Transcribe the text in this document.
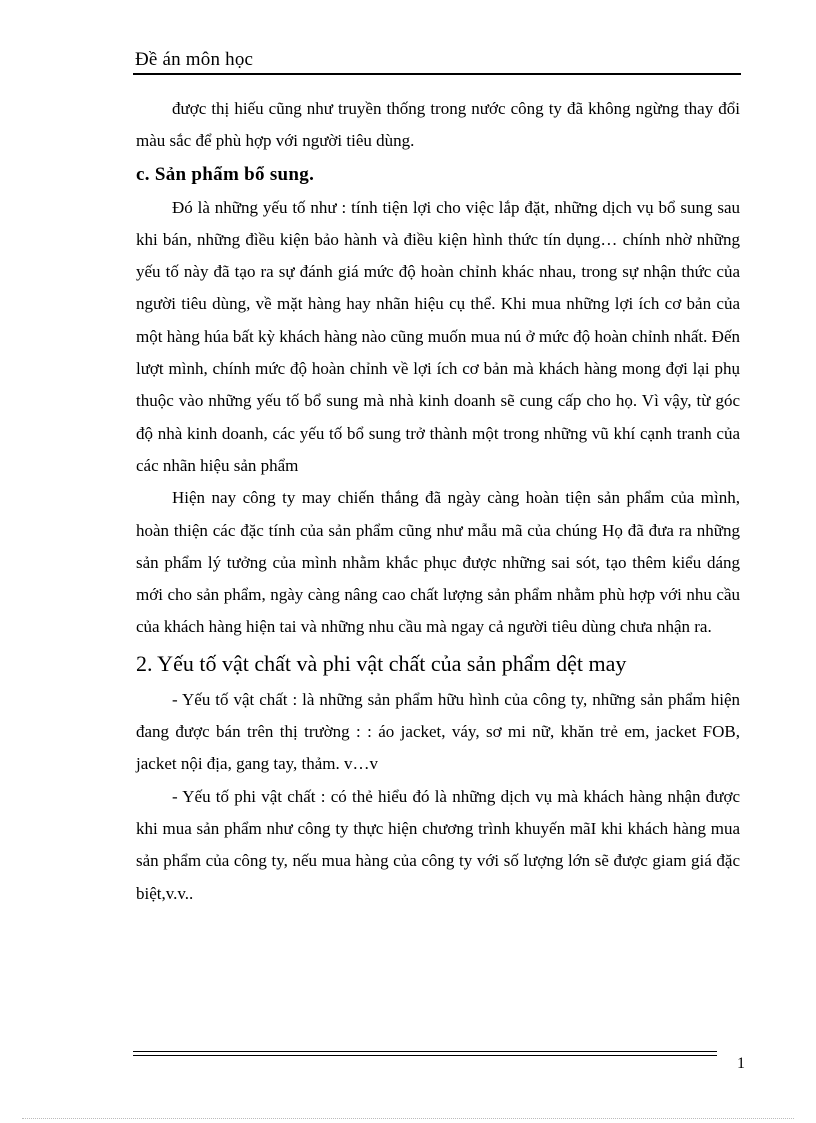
Đề án môn học

được thị hiếu cũng như truyền thống trong nước công ty đã không ngừng thay đổi màu sắc để phù hợp với người tiêu dùng.

c. Sản phẩm bổ sung.

Đó là những yếu tố như : tính tiện lợi cho việc lắp đặt, những dịch vụ bổ sung sau khi bán, những đìều kiện bảo hành và điều kiện hình thức tín dụng… chính nhờ những yếu tố này đã tạo ra sự đánh giá mức độ hoàn chỉnh khác nhau, trong sự nhận thức của người tiêu dùng, về mặt hàng hay nhãn hiệu cụ thể. Khi mua những lợi ích cơ bản của một hàng húa bất kỳ khách hàng nào cũng muốn mua nú ở mức độ hoàn chỉnh nhất. Đến lượt mình, chính mức độ hoàn chỉnh về lợi ích cơ bản mà khách hàng mong đợi lại phụ thuộc vào những yếu tố bổ sung mà nhà kinh doanh sẽ cung cấp cho họ. Vì vậy, từ góc độ nhà kinh doanh, các yếu tố bổ sung trở thành một trong những vũ khí cạnh tranh của các nhãn hiệu sản phẩm

Hiện nay công ty may chiến thắng đã ngày càng hoàn tiện sản phẩm của mình, hoàn thiện các đặc tính của sản phẩm cũng như mẫu mã của chúng Họ đã đưa ra những sản phẩm lý tưởng của mình nhằm khắc phục được những sai sót, tạo thêm kiểu dáng mới cho sản phẩm, ngày càng nâng cao chất lượng sản phẩm nhằm phù hợp với nhu cầu của khách hàng hiện tai và những nhu cầu mà ngay cả người tiêu dùng chưa nhận ra.

2. Yếu tố vật chất và phi vật chất của sản phẩm dệt may

- Yếu tố vật chất : là những sản phẩm hữu hình của công ty, những sản phẩm hiện đang được bán trên thị trường : : áo jacket, váy, sơ mi nữ, khăn trẻ em, jacket FOB, jacket nội địa, gang tay, thảm. v…v

- Yếu tố phi vật chất : có thẻ hiểu đó là những dịch vụ mà khách hàng nhận được khi mua sản phẩm như công ty thực hiện chương trình khuyến mãI khi khách hàng mua sản phẩm của công ty, nếu mua hàng của công ty với số lượng lớn sẽ được giam giá đặc biệt,v.v..

1
